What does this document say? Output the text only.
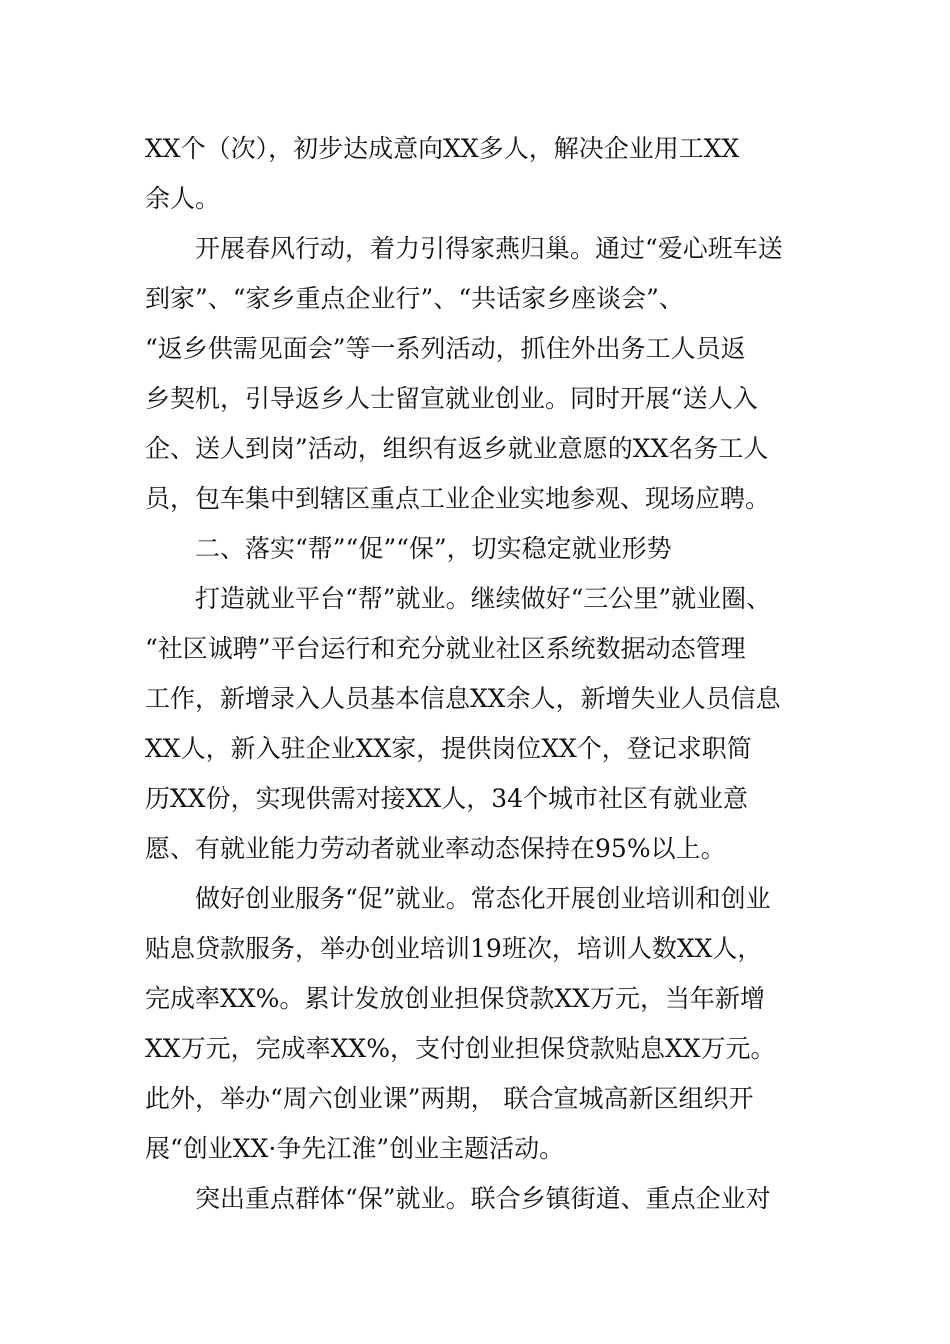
XX个（次），初步达成意向XX多人，解决企业用工XX
余人。
　　开展春风行动，着力引得家燕归巢。通过“爱心班车送
到家”、“家乡重点企业行”、“共话家乡座谈会”、
“返乡供需见面会”等一系列活动，抓住外出务工人员返
乡契机，引导返乡人士留宣就业创业。同时开展“送人入
企、送人到岗”活动，组织有返乡就业意愿的XX名务工人
员，包车集中到辖区重点工业企业实地参观、现场应聘。
　　二、落实“帮”“促”“保”，切实稳定就业形势
　　打造就业平台“帮”就业。继续做好“三公里”就业圈、
“社区诚聘”平台运行和充分就业社区系统数据动态管理
工作，新增录入人员基本信息XX余人，新增失业人员信息
XX人，新入驻企业XX家，提供岗位XX个，登记求职简
历XX份，实现供需对接XX人，34个城市社区有就业意
愿、有就业能力劳动者就业率动态保持在95%以上。
　　做好创业服务“促”就业。常态化开展创业培训和创业
贴息贷款服务，举办创业培训19班次，培训人数XX人，
完成率XX%。累计发放创业担保贷款XX万元，当年新增
XX万元，完成率XX%，支付创业担保贷款贴息XX万元。
此外，举办“周六创业课”两期， 联合宣城高新区组织开
展“创业XX·争先江淮”创业主题活动。
　　突出重点群体“保”就业。联合乡镇街道、重点企业对
